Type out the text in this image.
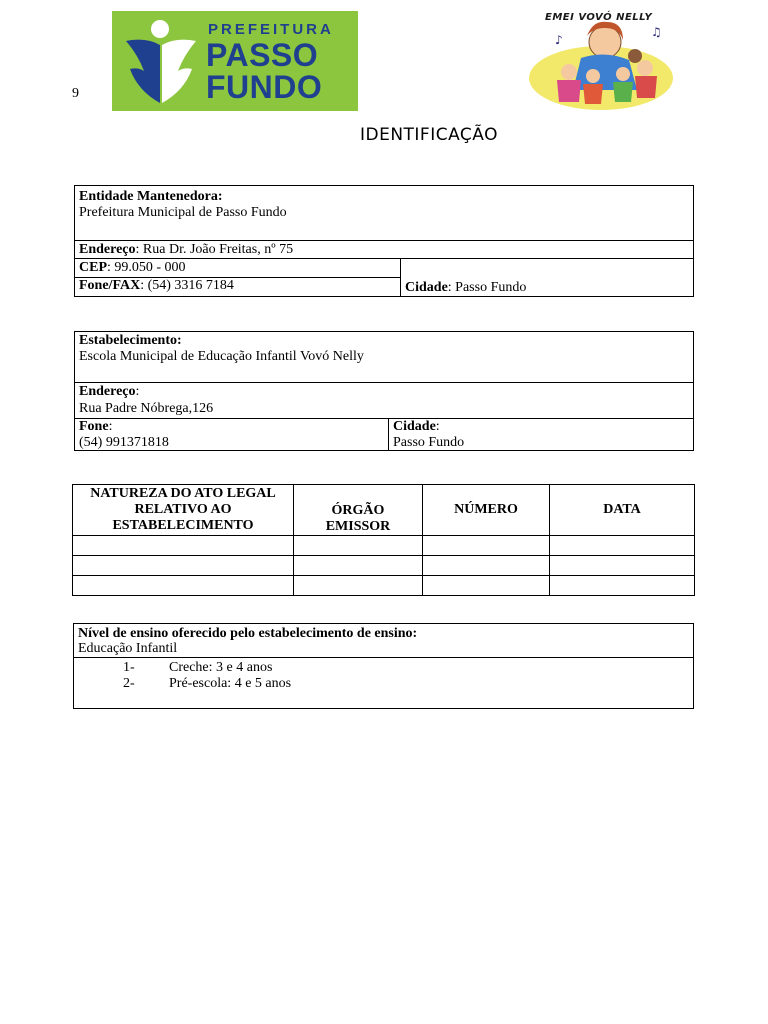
9
PREFEITURA
PASSO
FUNDO
♪
♫
EMEI VOVÓ NELLY
IDENTIFICAÇÃO
Entidade Mantenedora:
Prefeitura Municipal de Passo Fundo
Endereço: Rua Dr. João Freitas, nº 75
CEP: 99.050 - 000
Fone/FAX: (54) 3316 7184	Cidade: Passo Fundo
Estabelecimento:
Escola Municipal de Educação Infantil Vovó Nelly
Endereço:
Rua Padre Nóbrega,126
Fone:
(54) 991371818
Cidade:
Passo Fundo
NATUREZA DO ATO LEGAL RELATIVO AO ESTABELECIMENTO	ÓRGÃO EMISSOR	NÚMERO	DATA

Nível de ensino oferecido pelo estabelecimento de ensino:
Educação Infantil
1- Creche: 3 e 4 anos
2- Pré-escola: 4 e 5 anos
